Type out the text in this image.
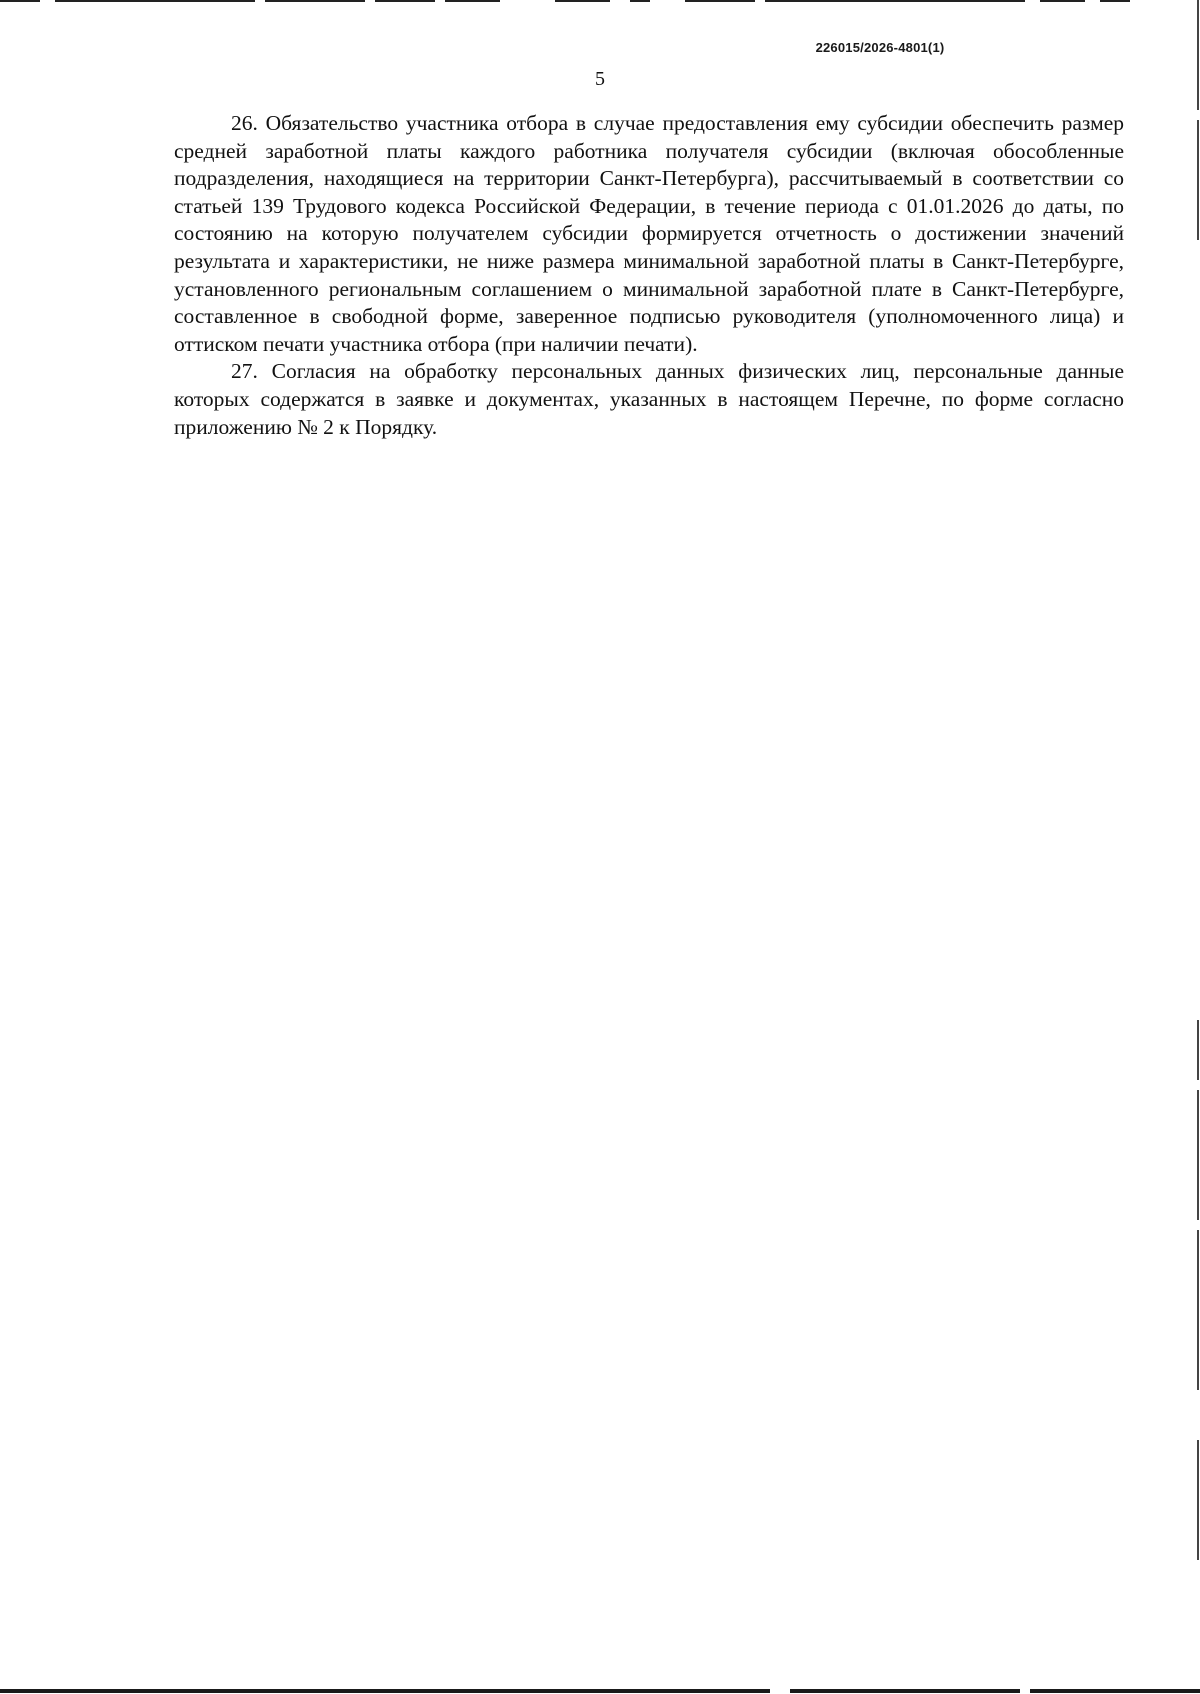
226015/2026-4801(1)
5

26. Обязательство участника отбора в случае предоставления ему субсидии обеспечить размер средней заработной платы каждого работника получателя субсидии (включая обособленные подразделения, находящиеся на территории Санкт-Петербурга), рассчитываемый в соответствии со статьей 139 Трудового кодекса Российской Федерации, в течение периода с 01.01.2026 до даты, по состоянию на которую получателем субсидии формируется отчетность о достижении значений результата и характеристики, не ниже размера минимальной заработной платы в Санкт-Петербурге, установленного региональным соглашением о минимальной заработной плате в Санкт-Петербурге, составленное в свободной форме, заверенное подписью руководителя (уполномоченного лица) и оттиском печати участника отбора (при наличии печати).

27. Согласия на обработку персональных данных физических лиц, персональные данные которых содержатся в заявке и документах, указанных в настоящем Перечне, по форме согласно приложению № 2 к Порядку.
